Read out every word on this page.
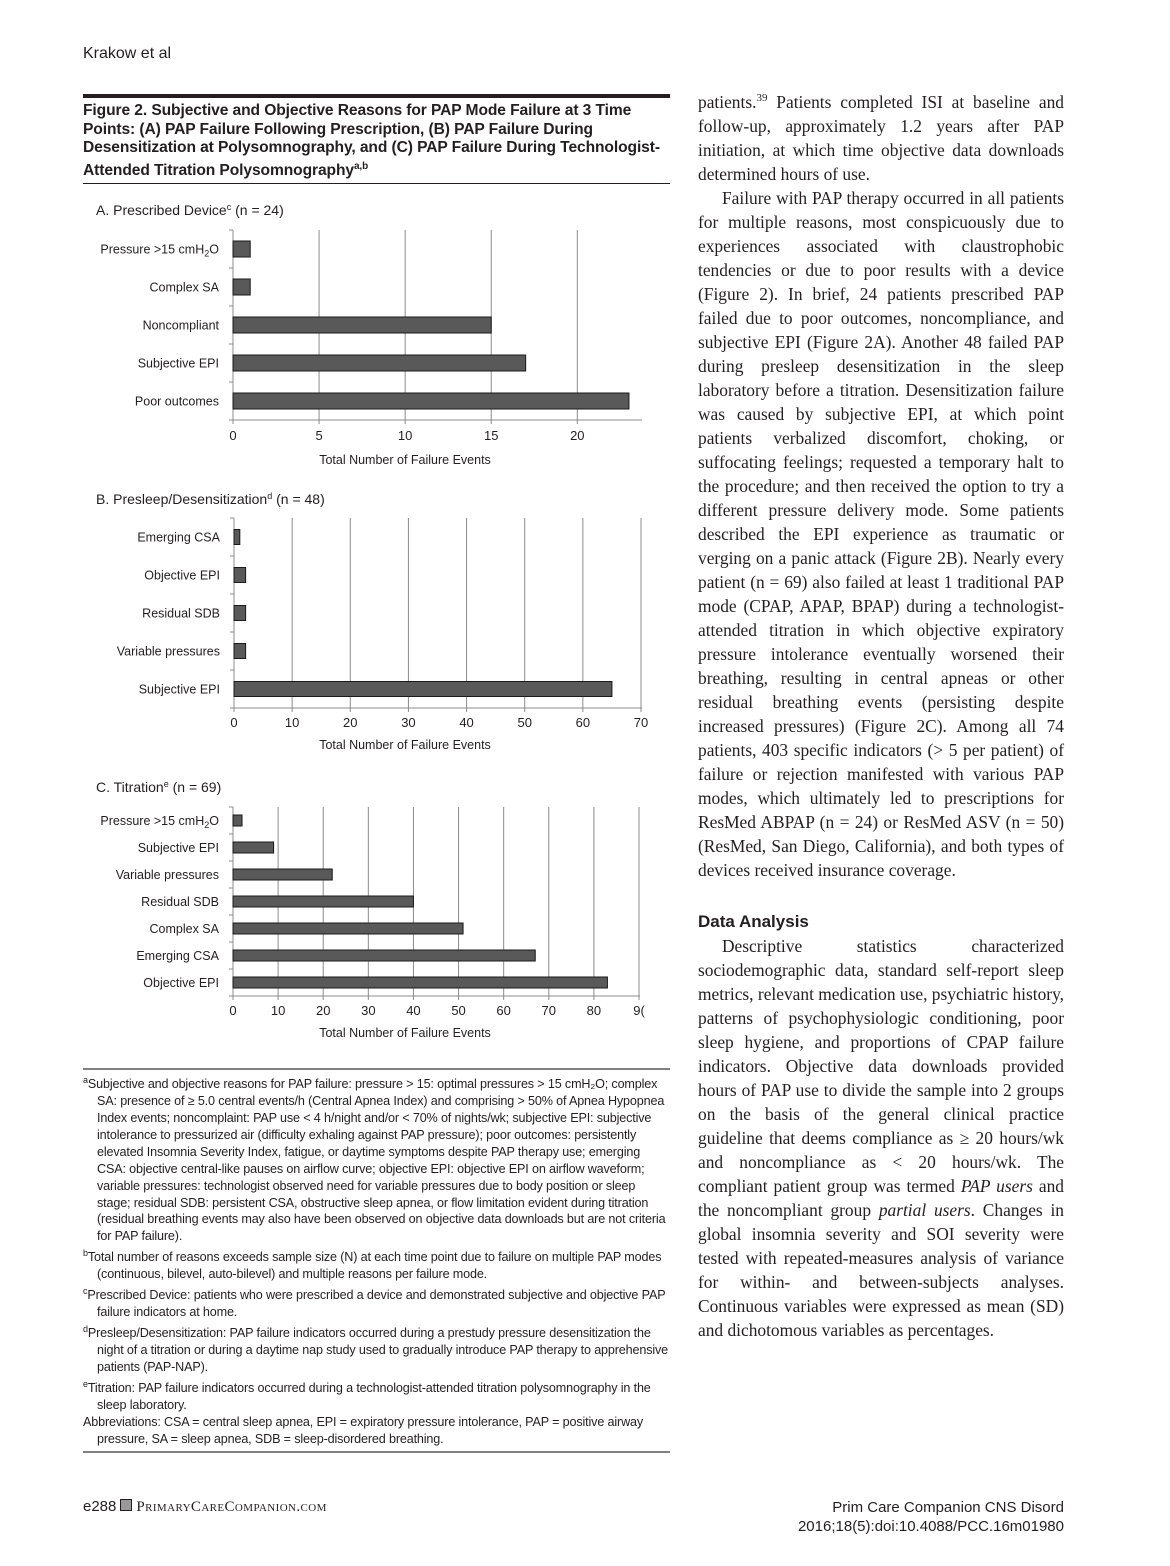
Krakow et al
Figure 2. Subjective and Objective Reasons for PAP Mode Failure at 3 Time Points: (A) PAP Failure Following Prescription, (B) PAP Failure During Desensitization at Polysomnography, and (C) PAP Failure During Technologist-Attended Titration Polysomnography$^{a,b}$
A. Prescribed Device$^c$ (n = 24)
Pressure >15 cmH$_2$O
Complex SA
Noncompliant
Subjective EPI
Poor outcomes
0	5	10	15	20
Total Number of Failure Events
B. Presleep/Desensitization$^d$ (n = 48)
Emerging CSA
Objective EPI
Residual SDB
Variable pressures
Subjective EPI
0	10	20	30	40	50	60	70
Total Number of Failure Events
C. Titration$^e$ (n = 69)
Pressure >15 cmH$_2$O
Subjective EPI
Variable pressures
Residual SDB
Complex SA
Emerging CSA
Objective EPI
0	10 20 30 40 50 60 70 80 9(
Total Number of Failure Events
$^a$Subjective and objective reasons for PAP failure: pressure > 15: optimal pressures > 15 cmH₂O; complex SA: presence of ≥ 5.0 central events/h (Central Apnea Index) and comprising > 50% of Apnea Hypopnea Index events; noncomplaint: PAP use < 4 h/night and/or < 70% of nights/wk; subjective EPI: subjective intolerance to pressurized air (difficulty exhaling against PAP pressure); poor outcomes: persistently elevated Insomnia Severity Index, fatigue, or daytime symptoms despite PAP therapy use; emerging CSA: objective central-like pauses on airflow curve; objective EPI: objective EPI on airflow waveform; variable pressures: technologist observed need for variable pressures due to body position or sleep stage; residual SDB: persistent CSA, obstructive sleep apnea, or flow limitation evident during titration (residual breathing events may also have been observed on objective data downloads but are not criteria for PAP failure).
$^b$Total number of reasons exceeds sample size (N) at each time point due to failure on multiple PAP modes (continuous, bilevel, auto-bilevel) and multiple reasons per failure mode.
$^c$Prescribed Device: patients who were prescribed a device and demonstrated subjective and objective PAP failure indicators at home.
$^d$Presleep/Desensitization: PAP failure indicators occurred during a prestudy pressure desensitization the night of a titration or during a daytime nap study used to gradually introduce PAP therapy to apprehensive patients (PAP-NAP).
$^e$Titration: PAP failure indicators occurred during a technologist-attended titration polysomnography in the sleep laboratory.
Abbreviations: CSA = central sleep apnea, EPI = expiratory pressure intolerance, PAP = positive airway pressure, SA = sleep apnea, SDB = sleep-disordered breathing.

patients.$^{39}$ Patients completed ISI at baseline and follow-up, approximately 1.2 years after PAP initiation, at which time objective data downloads determined hours of use.

Failure with PAP therapy occurred in all patients for multiple reasons, most conspicuously due to experiences associated with claustrophobic tendencies or due to poor results with a device (Figure 2). In brief, 24 patients prescribed PAP failed due to poor outcomes, noncompliance, and subjective EPI (Figure 2A). Another 48 failed PAP during presleep desensitization in the sleep laboratory before a titration. Desensitization failure was caused by subjective EPI, at which point patients verbalized discomfort, choking, or suffocating feelings; requested a temporary halt to the procedure; and then received the option to try a different pressure delivery mode. Some patients described the EPI experience as traumatic or verging on a panic attack (Figure 2B). Nearly every patient (n = 69) also failed at least 1 traditional PAP mode (CPAP, APAP, BPAP) during a technologist-attended titration in which objective expiratory pressure intolerance eventually worsened their breathing, resulting in central apneas or other residual breathing events (persisting despite increased pressures) (Figure 2C). Among all 74 patients, 403 specific indicators (> 5 per patient) of failure or rejection manifested with various PAP modes, which ultimately led to prescriptions for ResMed ABPAP (n = 24) or ResMed ASV (n = 50) (ResMed, San Diego, California), and both types of devices received insurance coverage.

Data Analysis

Descriptive statistics characterized sociodemographic data, standard self-report sleep metrics, relevant medication use, psychiatric history, patterns of psychophysiologic conditioning, poor sleep hygiene, and proportions of CPAP failure indicators. Objective data downloads provided hours of PAP use to divide the sample into 2 groups on the basis of the general clinical practice guideline that deems compliance as ≥ 20 hours/wk and noncompliance as < 20 hours/wk. The compliant patient group was termed PAP users and the noncompliant group partial users. Changes in global insomnia severity and SOI severity were tested with repeated-measures analysis of variance for within- and between-subjects analyses. Continuous variables were expressed as mean (SD) and dichotomous variables as percentages.

e288 PrimaryCareCompanion.com	Prim Care Companion CNS Disord
2016;18(5):doi:10.4088/PCC.16m01980
